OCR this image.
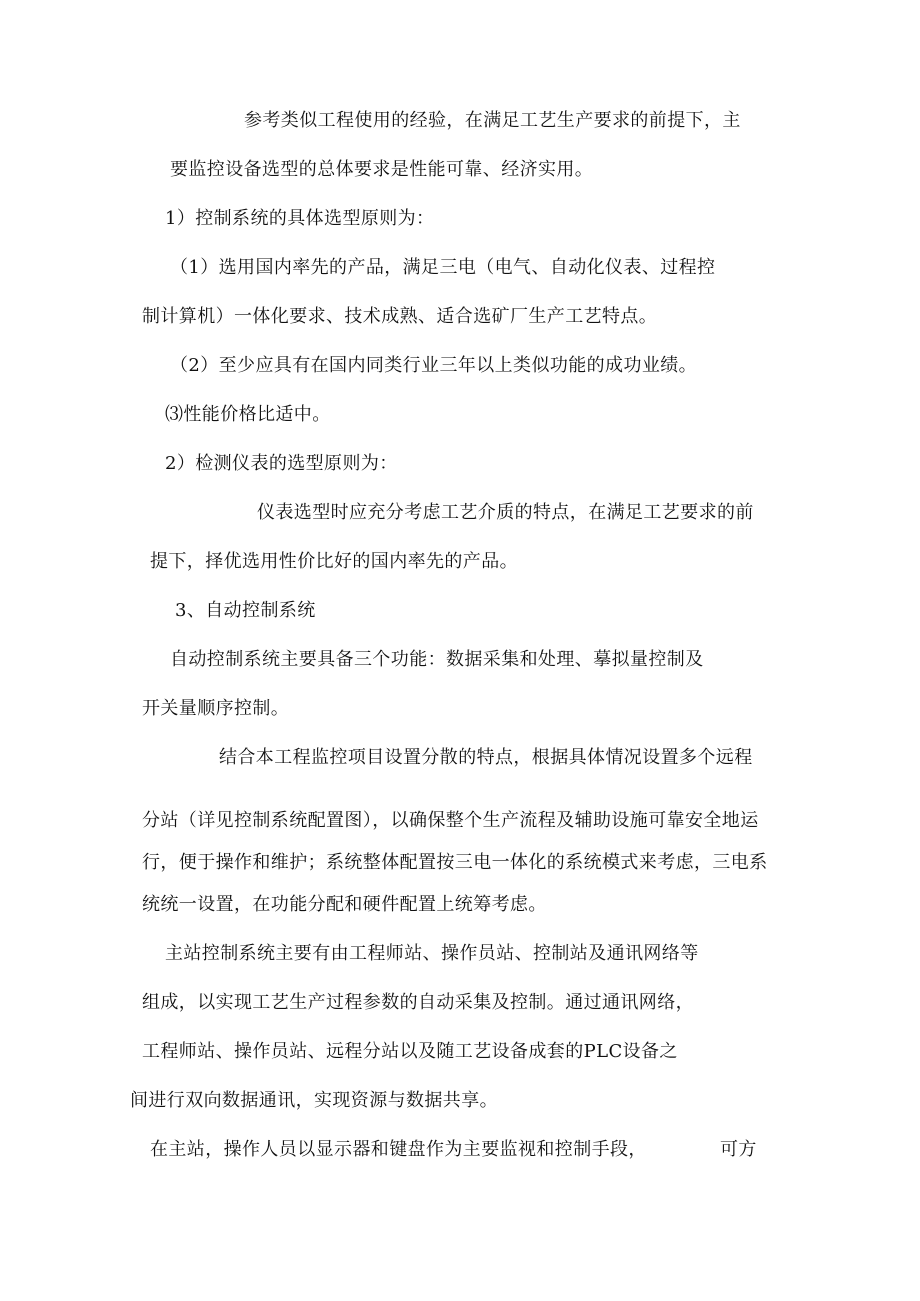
参考类似工程使用的经验，在满足工艺生产要求的前提下，主
要监控设备选型的总体要求是性能可靠、经济实用。
1）控制系统的具体选型原则为：
（1）选用国内率先的产品，满足三电（电气、自动化仪表、过程控
制计算机）一体化要求、技术成熟、适合选矿厂生产工艺特点。
（2）至少应具有在国内同类行业三年以上类似功能的成功业绩。
⑶性能价格比适中。
2）检测仪表的选型原则为：
仪表选型时应充分考虑工艺介质的特点，在满足工艺要求的前
提下，择优选用性价比好的国内率先的产品。
3、自动控制系统
自动控制系统主要具备三个功能：数据采集和处理、摹拟量控制及
开关量顺序控制。
结合本工程监控项目设置分散的特点，根据具体情况设置多个远程
分站（详见控制系统配置图），以确保整个生产流程及辅助设施可靠安全地运
行，便于操作和维护；系统整体配置按三电一体化的系统模式来考虑，三电系
统统一设置，在功能分配和硬件配置上统筹考虑。
主站控制系统主要有由工程师站、操作员站、控制站及通讯网络等
组成，以实现工艺生产过程参数的自动采集及控制。通过通讯网络，
工程师站、操作员站、远程分站以及随工艺设备成套的PLC设备之
间进行双向数据通讯，实现资源与数据共享。
在主站，操作人员以显示器和键盘作为主要监视和控制手段，	可方
